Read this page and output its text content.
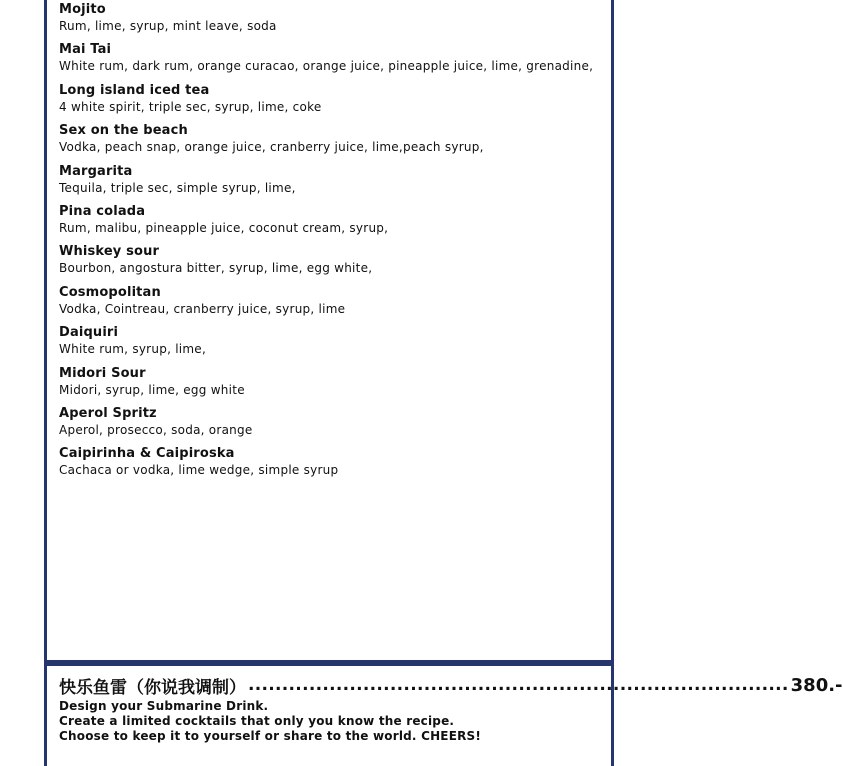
Mojito
Rum, lime, syrup, mint leave, soda
Mai Tai
White rum, dark rum, orange curacao, orange juice, pineapple juice, lime, grenadine,
Long island iced tea
4 white spirit, triple sec, syrup, lime, coke
Sex on the beach
Vodka, peach snap, orange juice, cranberry juice, lime,peach syrup,
Margarita
Tequila, triple sec, simple syrup, lime,
Pina colada
Rum, malibu, pineapple juice, coconut cream, syrup,
Whiskey sour
Bourbon, angostura bitter, syrup, lime, egg white,
Cosmopolitan
Vodka, Cointreau, cranberry juice, syrup, lime
Daiquiri
White rum, syrup, lime,
Midori Sour
Midori, syrup, lime, egg white
Aperol Spritz
Aperol, prosecco, soda, orange
Caipirinha & Caipiroska
Cachaca or vodka, lime wedge, simple syrup
快乐鱼雷（你说我调制） ................................................................................ 380.-
Design your Submarine Drink.
Create a limited cocktails that only you know the recipe.
Choose to keep it to yourself or share to the world. CHEERS!
